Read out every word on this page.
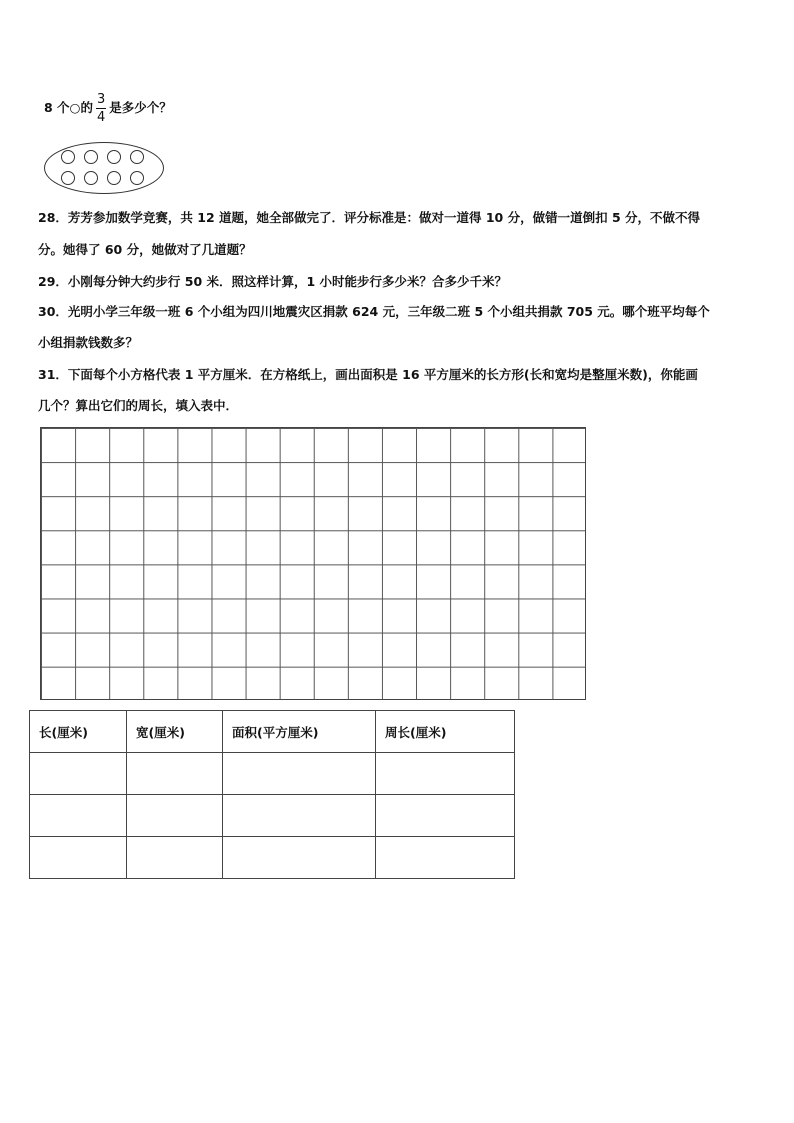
8 个○的 $\frac{3}{4}$ 是多少个？
28．芳芳参加数学竞赛，共 12 道题，她全部做完了．评分标准是：做对一道得 10 分，做错一道倒扣 5 分，不做不得
分。她得了 60 分，她做对了几道题？
29．小刚每分钟大约步行 50 米．照这样计算，1 小时能步行多少米？合多少千米？
30．光明小学三年级一班 6 个小组为四川地震灾区捐款 624 元，三年级二班 5 个小组共捐款 705 元。哪个班平均每个
小组捐款钱数多？
31．下面每个小方格代表 1 平方厘米．在方格纸上，画出面积是 16 平方厘米的长方形(长和宽均是整厘米数)，你能画
几个？算出它们的周长，填入表中．
长(厘米)	宽(厘米)	面积(平方厘米)	周长(厘米)
